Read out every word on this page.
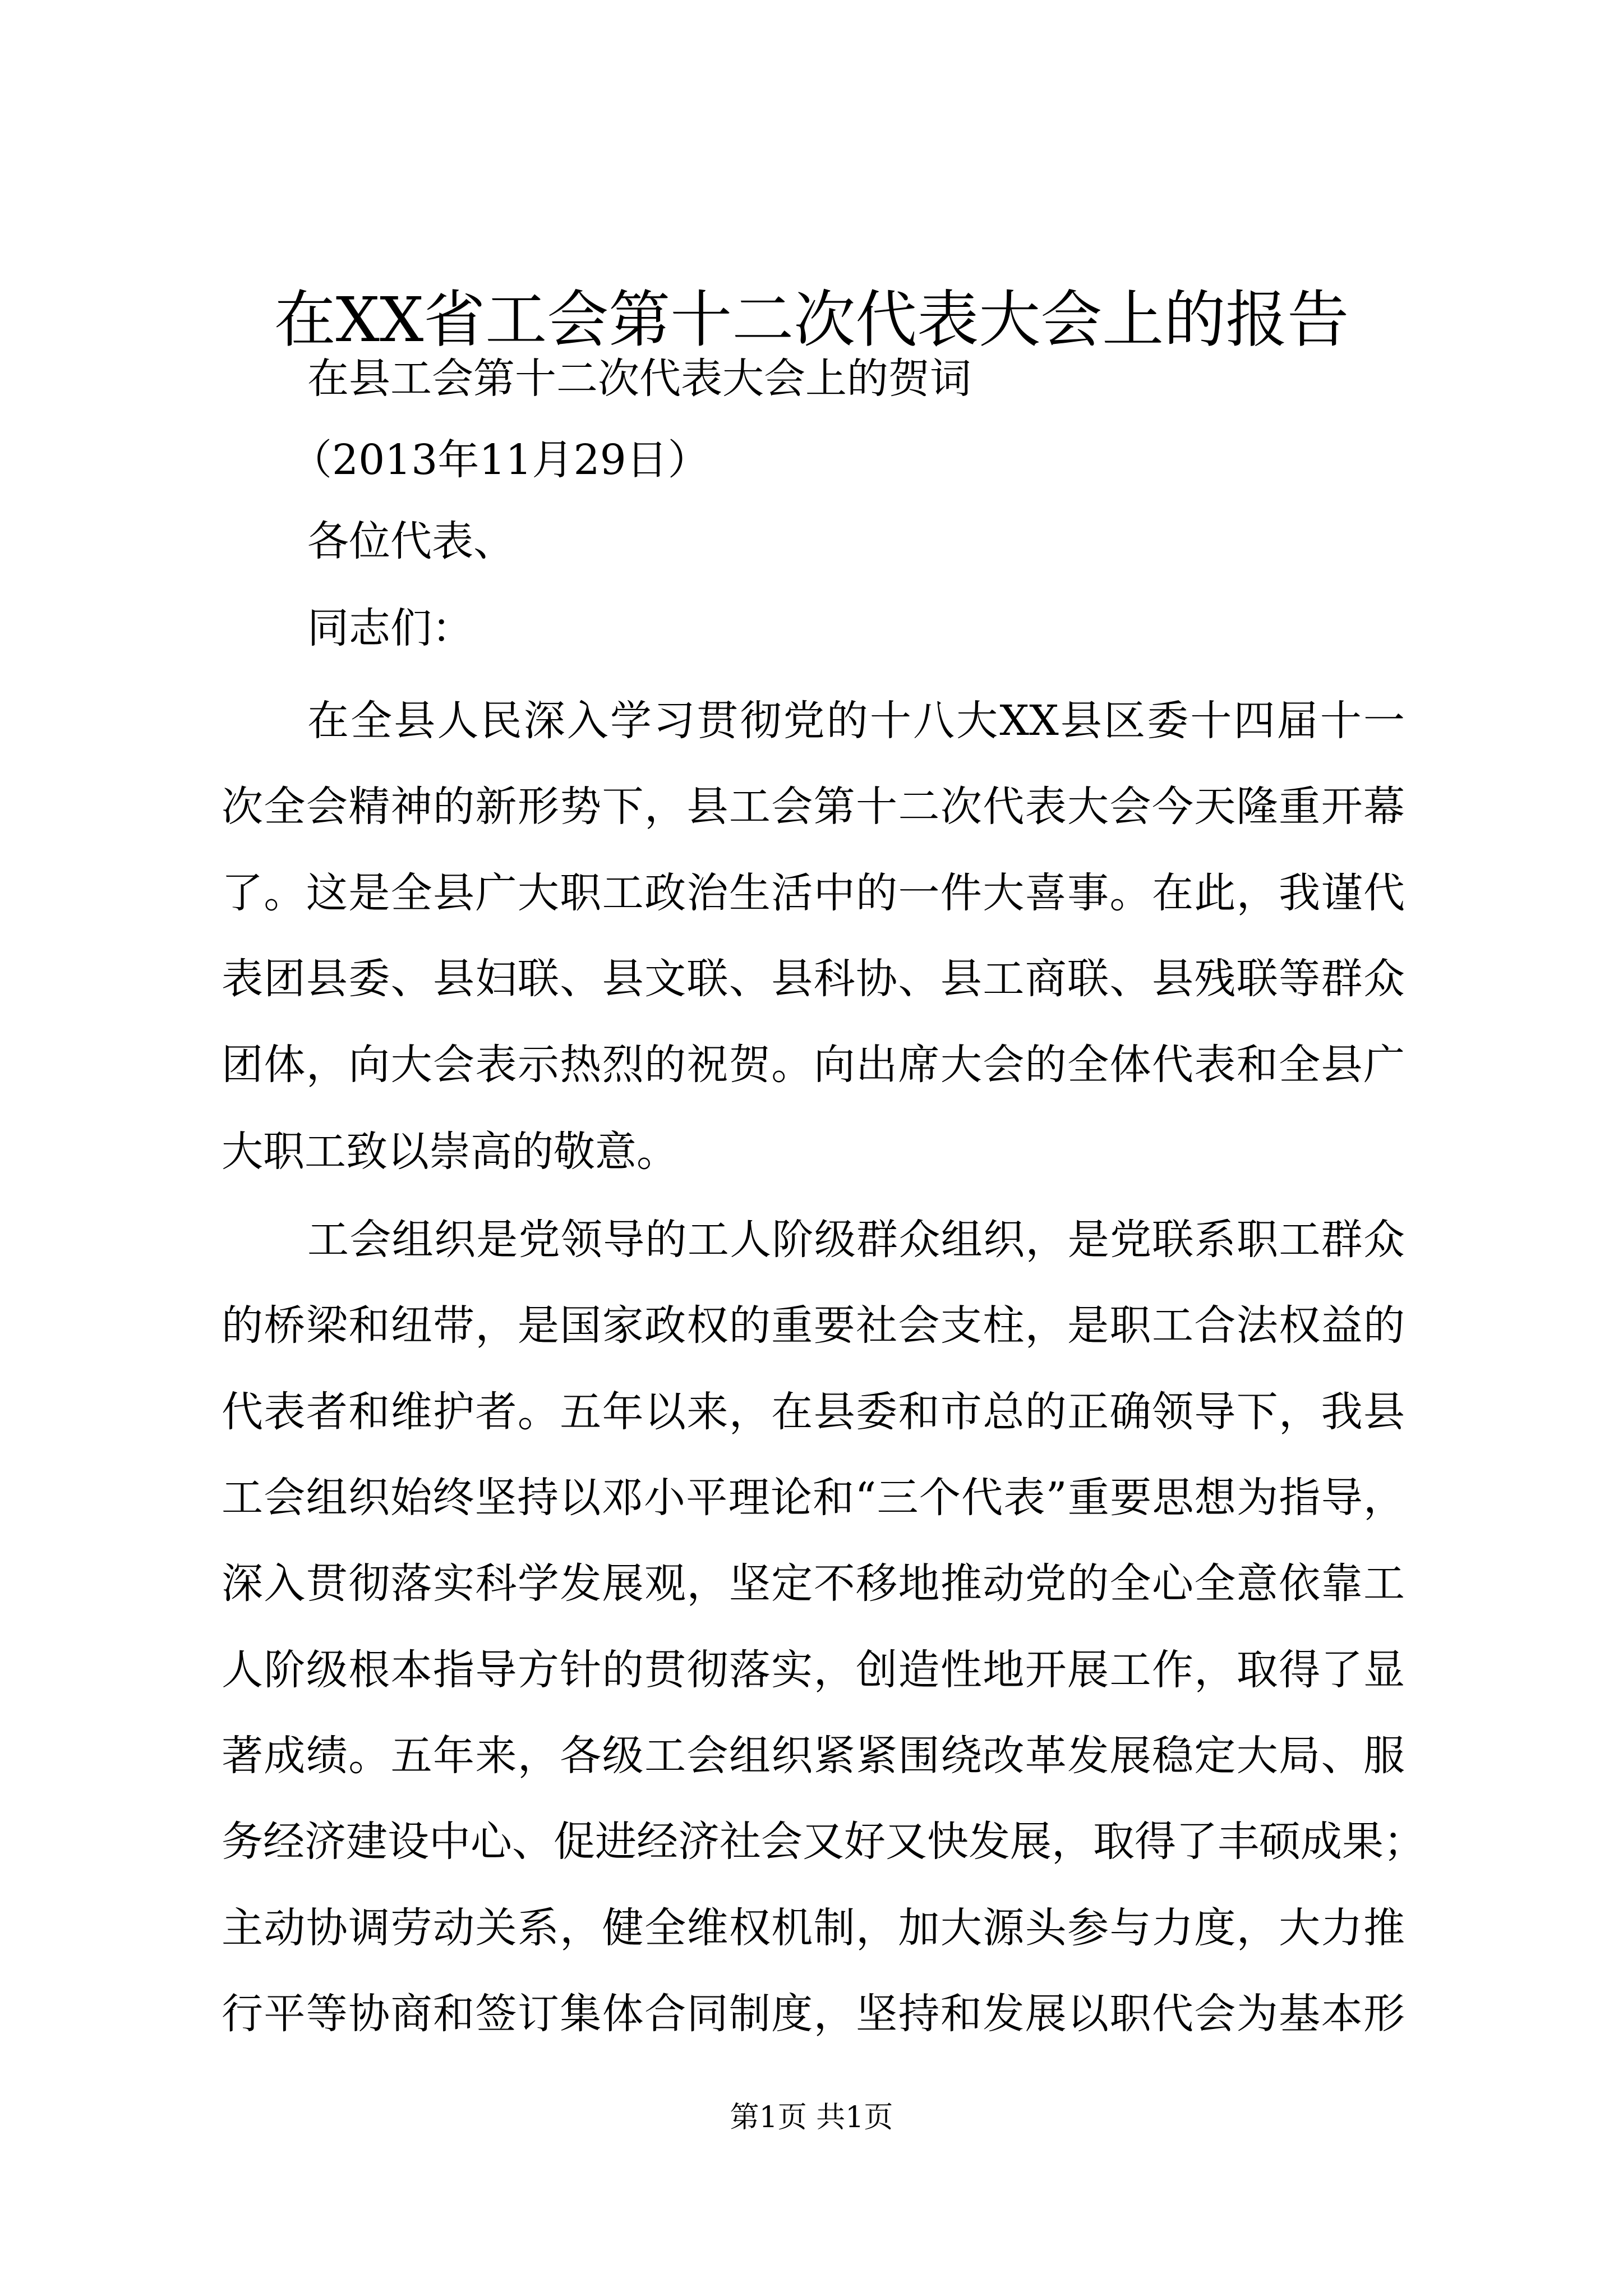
在XX省工会第十二次代表大会上的报告
在县工会第十二次代表大会上的贺词
（2013年11月29日）
各位代表、
同志们：
在全县人民深入学习贯彻党的十八大XX县区委十四届十一
次全会精神的新形势下，县工会第十二次代表大会今天隆重开幕
了。这是全县广大职工政治生活中的一件大喜事。在此，我谨代
表团县委、县妇联、县文联、县科协、县工商联、县残联等群众
团体，向大会表示热烈的祝贺。向出席大会的全体代表和全县广
大职工致以崇高的敬意。
工会组织是党领导的工人阶级群众组织，是党联系职工群众
的桥梁和纽带，是国家政权的重要社会支柱，是职工合法权益的
代表者和维护者。五年以来，在县委和市总的正确领导下，我县
工会组织始终坚持以邓小平理论和“三个代表”重要思想为指导，
深入贯彻落实科学发展观，坚定不移地推动党的全心全意依靠工
人阶级根本指导方针的贯彻落实，创造性地开展工作，取得了显
著成绩。五年来，各级工会组织紧紧围绕改革发展稳定大局、服
务经济建设中心、促进经济社会又好又快发展，取得了丰硕成果；
主动协调劳动关系，健全维权机制，加大源头参与力度，大力推
行平等协商和签订集体合同制度，坚持和发展以职代会为基本形
第1页 共1页
